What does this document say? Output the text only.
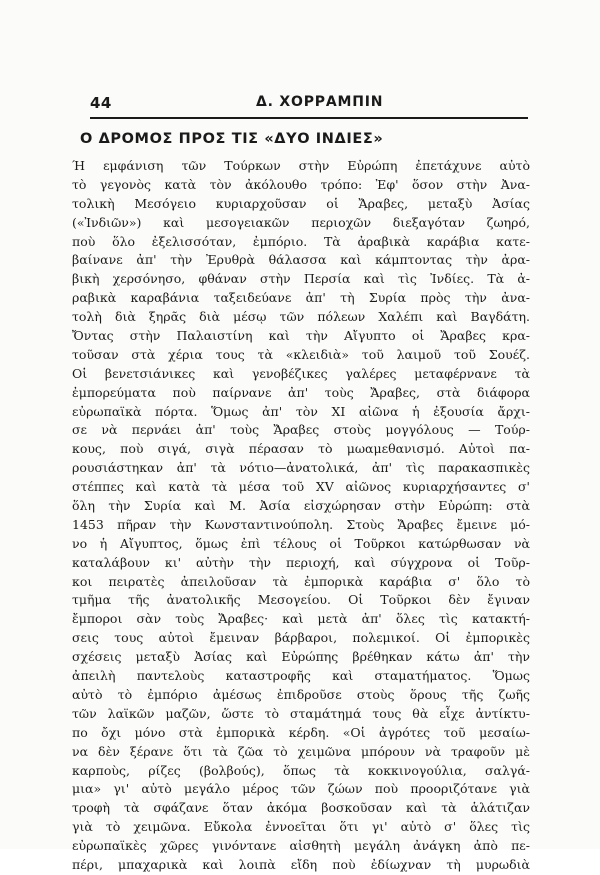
44	Δ. ΧΟΡΡΑΜΠΙΝ
Ο ΔΡΟΜΟΣ ΠΡΟΣ ΤΙΣ «ΔΥΟ ΙΝΔΙΕΣ»
Ή εμφάνιση τῶν Τούρκων στὴν Εὐρώπη ἐπετάχυνε αὐτὸ
τὸ γεγονὸς κατὰ τὸν ἀκόλουθο τρόπο: Ἐφ' ὅσον στὴν Ἀνα-
τολικὴ Μεσόγειο κυριαρχοῦσαν οἱ Ἄραβες, μεταξὺ Ἀσίας
(«Ἰνδιῶν») καὶ μεσογειακῶν περιοχῶν διεξαγόταν ζωηρό,
ποὺ ὅλο ἐξελισσόταν, ἐμπόριο. Τὰ ἀραβικὰ καράβια κατε-
βαίνανε ἀπ' τὴν Ἐρυθρὰ θάλασσα καὶ κάμπτοντας τὴν ἀρα-
βικὴ χερσόνησο, φθάναν στὴν Περσία καὶ τὶς Ἰνδίες. Τὰ ἀ-
ραβικὰ καραβάνια ταξειδεύανε ἀπ' τὴ Συρία πρὸς τὴν ἀνα-
τολὴ διὰ ξηρᾶς διὰ μέσῳ τῶν πόλεων Χαλέπι καὶ Βαγδάτη.
Ὄντας στὴν Παλαιστίνη καὶ τὴν Αἴγυπτο οἱ Ἄραβες κρα-
τοῦσαν στὰ χέρια τους τὰ «κλειδιὰ» τοῦ λαιμοῦ τοῦ Σουέζ.
Οἱ βενετσιάνικες καὶ γενοβέζικες γαλέρες μεταφέρνανε τὰ
ἐμπορεύματα ποὺ παίρνανε ἀπ' τοὺς Ἄραβες, στὰ διάφορα
εὐρωπαϊκὰ πόρτα. Ὅμως ἀπ' τὸν XI αἰῶνα ἡ ἐξουσία ἄρχι-
σε νὰ περνάει ἀπ' τοὺς Ἄραβες στοὺς μογγόλους — Τούρ-
κους, ποὺ σιγά, σιγὰ πέρασαν τὸ μωαμεθανισμό. Αὐτοὶ πα-
ρουσιάστηκαν ἀπ' τὰ νότιο—ἀνατολικά, ἀπ' τὶς παρακασπικὲς
στέππες καὶ κατὰ τὰ μέσα τοῦ XV αἰῶνος κυριαρχήσαντες σ'
ὅλη τὴν Συρία καὶ Μ. Ἀσία εἰσχώρησαν στὴν Εὐρώπη: στὰ
1453 πῆραν τὴν Κωνσταντινούπολη. Στοὺς Ἄραβες ἔμεινε μό-
νο ἡ Αἴγυπτος, ὅμως ἐπὶ τέλους οἱ Τοῦρκοι κατώρθωσαν νὰ
καταλάβουν κι' αὐτὴν τὴν περιοχή, καὶ σύγχρονα οἱ Τοῦρ-
κοι πειρατὲς ἀπειλοῦσαν τὰ ἐμπορικὰ καράβια σ' ὅλο τὸ
τμῆμα τῆς ἀνατολικῆς Μεσογείου. Οἱ Τοῦρκοι δὲν ἔγιναν
ἔμποροι σὰν τοὺς Ἄραβες· καὶ μετὰ ἀπ' ὅλες τὶς κατακτή-
σεις τους αὐτοὶ ἔμειναν βάρβαροι, πολεμικοί. Οἱ ἐμπορικὲς
σχέσεις μεταξὺ Ἀσίας καὶ Εὐρώπης βρέθηκαν κάτω ἀπ' τὴν
ἀπειλὴ παντελοὺς καταστροφῆς καὶ σταματήματος. Ὅμως
αὐτὸ τὸ ἐμπόριο ἀμέσως ἐπιδροῦσε στοὺς ὅρους τῆς ζωῆς
τῶν λαϊκῶν μαζῶν, ὥστε τὸ σταμάτημά τους θὰ εἶχε ἀντίκτυ-
πο ὄχι μόνο στὰ ἐμπορικὰ κέρδη. «Οἱ ἀγρότες τοῦ μεσαίω-
να δὲν ξέρανε ὅτι τὰ ζῶα τὸ χειμῶνα μπόρουν νὰ τραφοῦν μὲ
καρποὺς, ρίζες (βολβούς), ὅπως τὰ κοκκινογούλια, σαλγά-
μια» γι' αὐτὸ μεγάλο μέρος τῶν ζώων ποὺ προοριζότανε γιὰ
τροφὴ τὰ σφάζανε ὅταν ἀκόμα βοσκοῦσαν καὶ τὰ ἁλάτιζαν
γιὰ τὸ χειμῶνα. Εὔκολα ἐννοεῖται ὅτι γι' αὐτὸ σ' ὅλες τὶς
εὐρωπαϊκὲς χῶρες γινόντανε αἰσθητὴ μεγάλη ἀνάγκη ἀπὸ πε-
πέρι, μπαχαρικὰ καὶ λοιπὰ εἴδη ποὺ ἐδίωχναν τὴ μυρωδιὰ
